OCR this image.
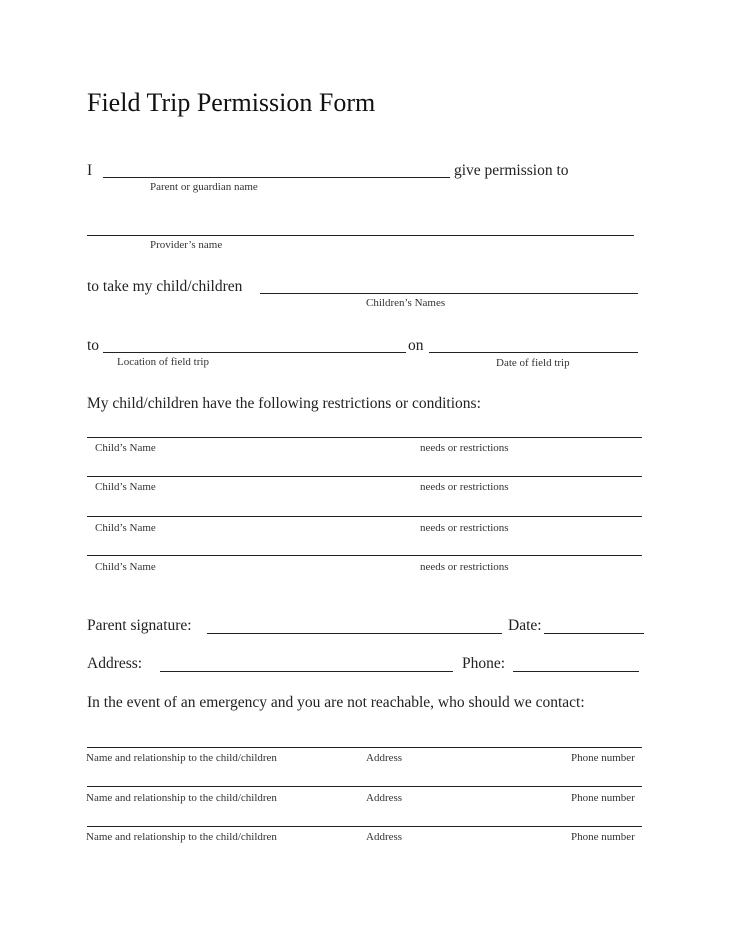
Field Trip Permission Form
I	give permission to
Parent or guardian name
Provider’s name
to take my child/children
Children’s Names
to	on
Location of field trip	Date of field trip
My child/children have the following restrictions or conditions:
Child’s Name	needs or restrictions
Child’s Name	needs or restrictions
Child’s Name	needs or restrictions
Child’s Name	needs or restrictions
Parent signature:	Date:
Address:	Phone:
In the event of an emergency and you are not reachable, who should we contact:
Name and relationship to the child/children	Address	Phone number
Name and relationship to the child/children	Address	Phone number
Name and relationship to the child/children	Address	Phone number
